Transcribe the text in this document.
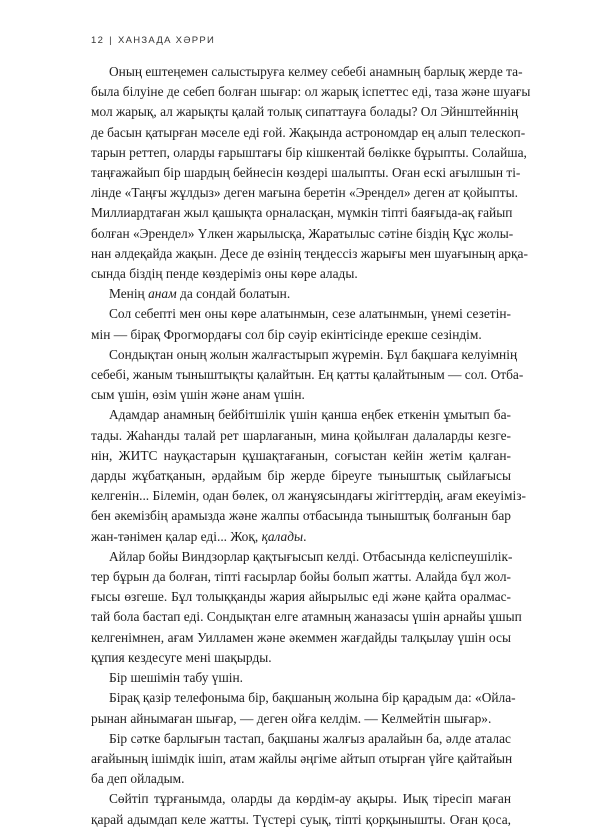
12 | ХАНЗАДА ХӘРРИ
Оның ештеңемен салыстыруға келмеу себебі анамның барлық жерде та-
была білуіне де себеп болған шығар: ол жарық іспеттес еді, таза және шуағы
мол жарық, ал жарықты қалай толық сипаттауға болады? Ол Эйнштейннің
де басын қатырған мәселе еді ғой. Жақында астрономдар ең алып телескоп-
тарын реттеп, оларды ғарыштағы бір кішкентай бөлікке бұрыпты. Солайша,
таңғажайып бір шардың бейнесін көздері шалыпты. Оған ескі ағылшын ті-
лінде «Таңғы жұлдыз» деген мағына беретін «Эрендел» деген ат қойыпты.
Миллиардтаған жыл қашықта орналасқан, мүмкін тіпті баяғыда-ақ ғайып
болған «Эрендел» Үлкен жарылысқа, Жаратылыс сәтіне біздің Құс жолы-
нан әлдеқайда жақын. Десе де өзінің теңдессіз жарығы мен шуағының арқа-
сында біздің пенде көздеріміз оны көре алады.
Менің анам да сондай болатын.
Сол себепті мен оны көре алатынмын, сезе алатынмын, үнемі сезетін-
мін — бірақ Фрогмордағы сол бір сәуір екінтісінде ерекше сезіндім.
Сондықтан оның жолын жалғастырып жүремін. Бұл бақшаға келуімнің
себебі, жаным тыныштықты қалайтын. Ең қатты қалайтыным — сол. Отба-
сым үшін, өзім үшін және анам үшін.
Адамдар анамның бейбітшілік үшін қанша еңбек еткенін ұмытып ба-
тады. Жаһанды талай рет шарлағанын, мина қойылған далаларды кезге-
нін, ЖИТС науқастарын құшақтағанын, соғыстан кейін жетім қалған-
дарды жұбатқанын, әрдайым бір жерде біреуге тыныштық сыйлағысы
келгенін... Білемін, одан бөлек, ол жанұясындағы жігіттердің, ағам екеуіміз-
бен әкемізбің арамызда және жалпы отбасында тыныштық болғанын бар
жан-тәнімен қалар еді... Жоқ, қалады.
Айлар бойы Виндзорлар қақтығысып келді. Отбасында келіспеушілік-
тер бұрын да болған, тіпті ғасырлар бойы болып жатты. Алайда бұл жол-
ғысы өзгеше. Бұл толыққанды жария айырылыс еді және қайта оралмас-
тай бола бастап еді. Сондықтан елге атамның жаназасы үшін арнайы ұшып
келгенімнен, ағам Уилламен және әкеммен жағдайды талқылау үшін осы
құпия кездесуге мені шақырды.
Бір шешімін табу үшін.
Бірақ қазір телефоныма бір, бақшаның жолына бір қарадым да: «Ойла-
рынан айнымаған шығар, — деген ойға келдім. — Келмейтін шығар».
Бір сәтке барлығын тастап, бақшаны жалғыз аралайын ба, әлде аталас
ағайының ішімдік ішіп, атам жайлы әңгіме айтып отырған үйге қайтайын
ба деп ойладым.
Сөйтіп тұрғанымда, оларды да көрдім-ау ақыры. Иық тіресіп маған
қарай адымдап келе жатты. Түстері суық, тіпті қорқынышты. Оған қоса,
